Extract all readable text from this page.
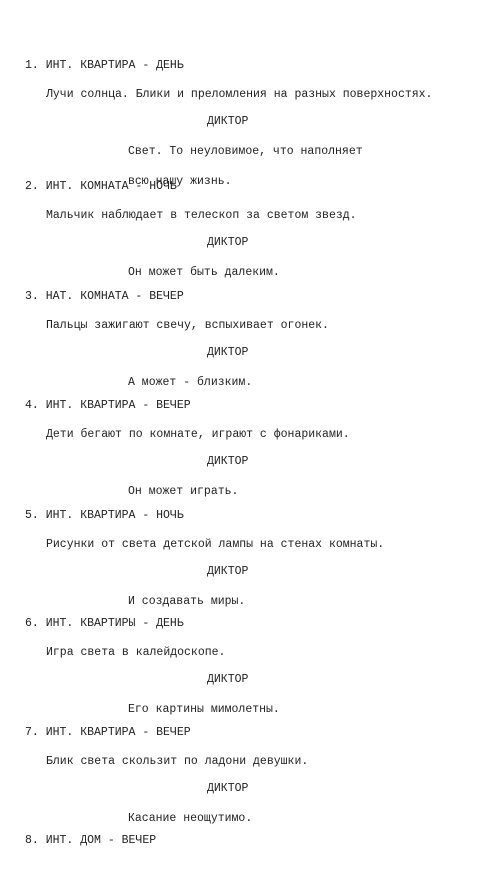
1. ИНТ. КВАРТИРА - ДЕНЬ
Лучи солнца. Блики и преломления на разных поверхностях.
ДИКТОР

Свет. То неуловимое, что наполняет

всю нашу жизнь.

2. ИНТ. КОМНАТА - НОЧЬ
Мальчик наблюдает в телескоп за светом звезд.
ДИКТОР

Он может быть далеким.

3. НАТ. КОМНАТА - ВЕЧЕР
Пальцы зажигают свечу, вспыхивает огонек.
ДИКТОР

А может - близким.

4. ИНТ. КВАРТИРА - ВЕЧЕР
Дети бегают по комнате, играют с фонариками.
ДИКТОР

Он может играть.

5. ИНТ. КВАРТИРА - НОЧЬ
Рисунки от света детской лампы на стенах комнаты.
ДИКТОР

И создавать миры.

6. ИНТ. КВАРТИРЫ - ДЕНЬ
Игра света в калейдоскопе.
ДИКТОР

Его картины мимолетны.

7. ИНТ. КВАРТИРА - ВЕЧЕР
Блик света скользит по ладони девушки.
ДИКТОР

Касание неощутимо.

8. ИНТ. ДОМ - ВЕЧЕР
